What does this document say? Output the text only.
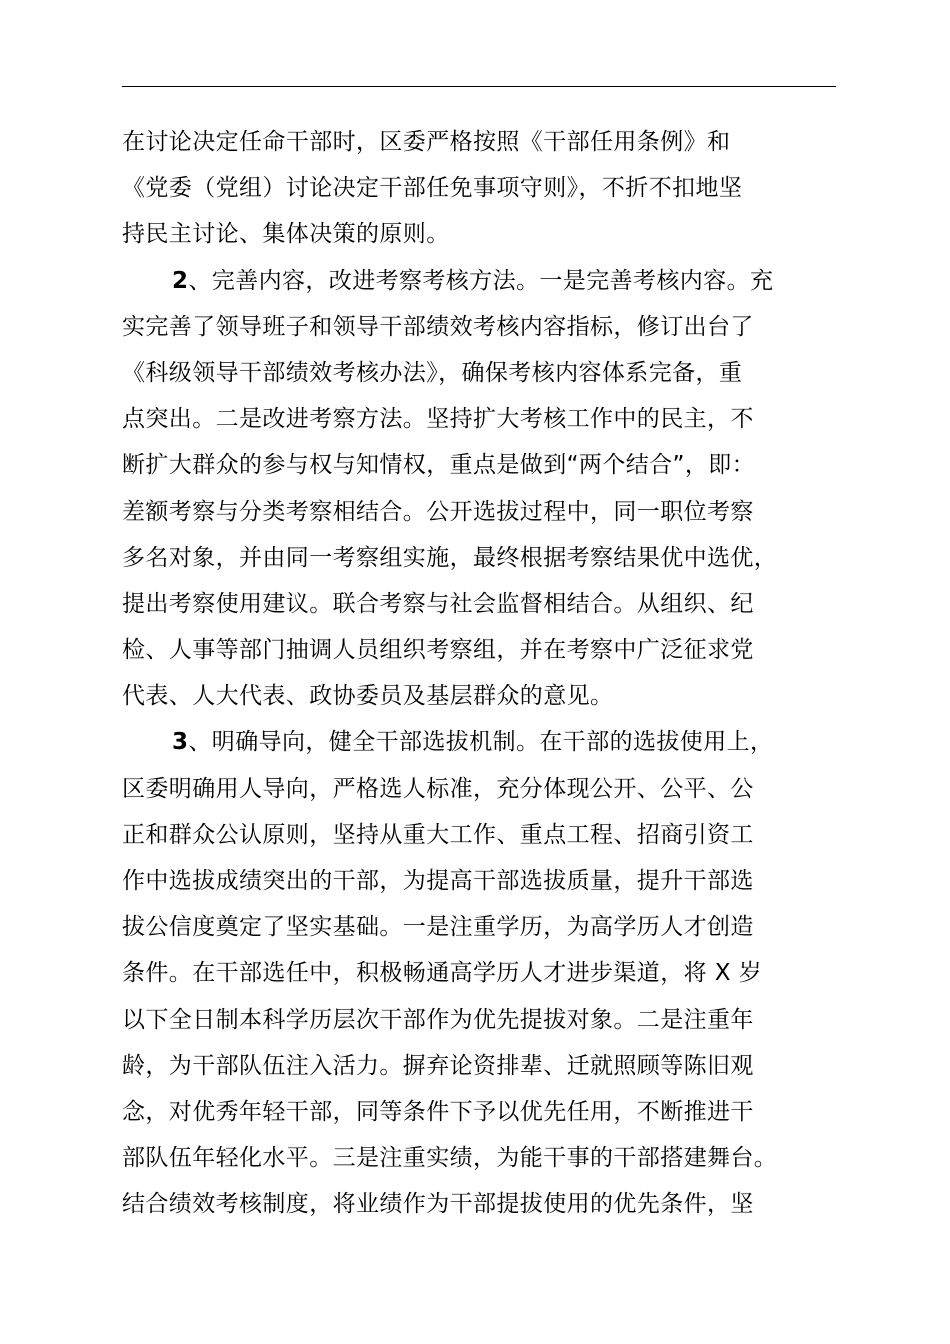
在讨论决定任命干部时，区委严格按照《干部任用条例》和
《党委（党组）讨论决定干部任免事项守则》，不折不扣地坚
持民主讨论、集体决策的原则。
2、完善内容，改进考察考核方法。一是完善考核内容。充
实完善了领导班子和领导干部绩效考核内容指标，修订出台了
《科级领导干部绩效考核办法》，确保考核内容体系完备，重
点突出。二是改进考察方法。坚持扩大考核工作中的民主，不
断扩大群众的参与权与知情权，重点是做到“两个结合”，即：
差额考察与分类考察相结合。公开选拔过程中，同一职位考察
多名对象，并由同一考察组实施，最终根据考察结果优中选优，
提出考察使用建议。联合考察与社会监督相结合。从组织、纪
检、人事等部门抽调人员组织考察组，并在考察中广泛征求党
代表、人大代表、政协委员及基层群众的意见。
3、明确导向，健全干部选拔机制。在干部的选拔使用上，
区委明确用人导向，严格选人标准，充分体现公开、公平、公
正和群众公认原则，坚持从重大工作、重点工程、招商引资工
作中选拔成绩突出的干部，为提高干部选拔质量，提升干部选
拔公信度奠定了坚实基础。一是注重学历，为高学历人才创造
条件。在干部选任中，积极畅通高学历人才进步渠道，将 X 岁
以下全日制本科学历层次干部作为优先提拔对象。二是注重年
龄，为干部队伍注入活力。摒弃论资排辈、迁就照顾等陈旧观
念，对优秀年轻干部，同等条件下予以优先任用，不断推进干
部队伍年轻化水平。三是注重实绩，为能干事的干部搭建舞台。
结合绩效考核制度，将业绩作为干部提拔使用的优先条件，坚
